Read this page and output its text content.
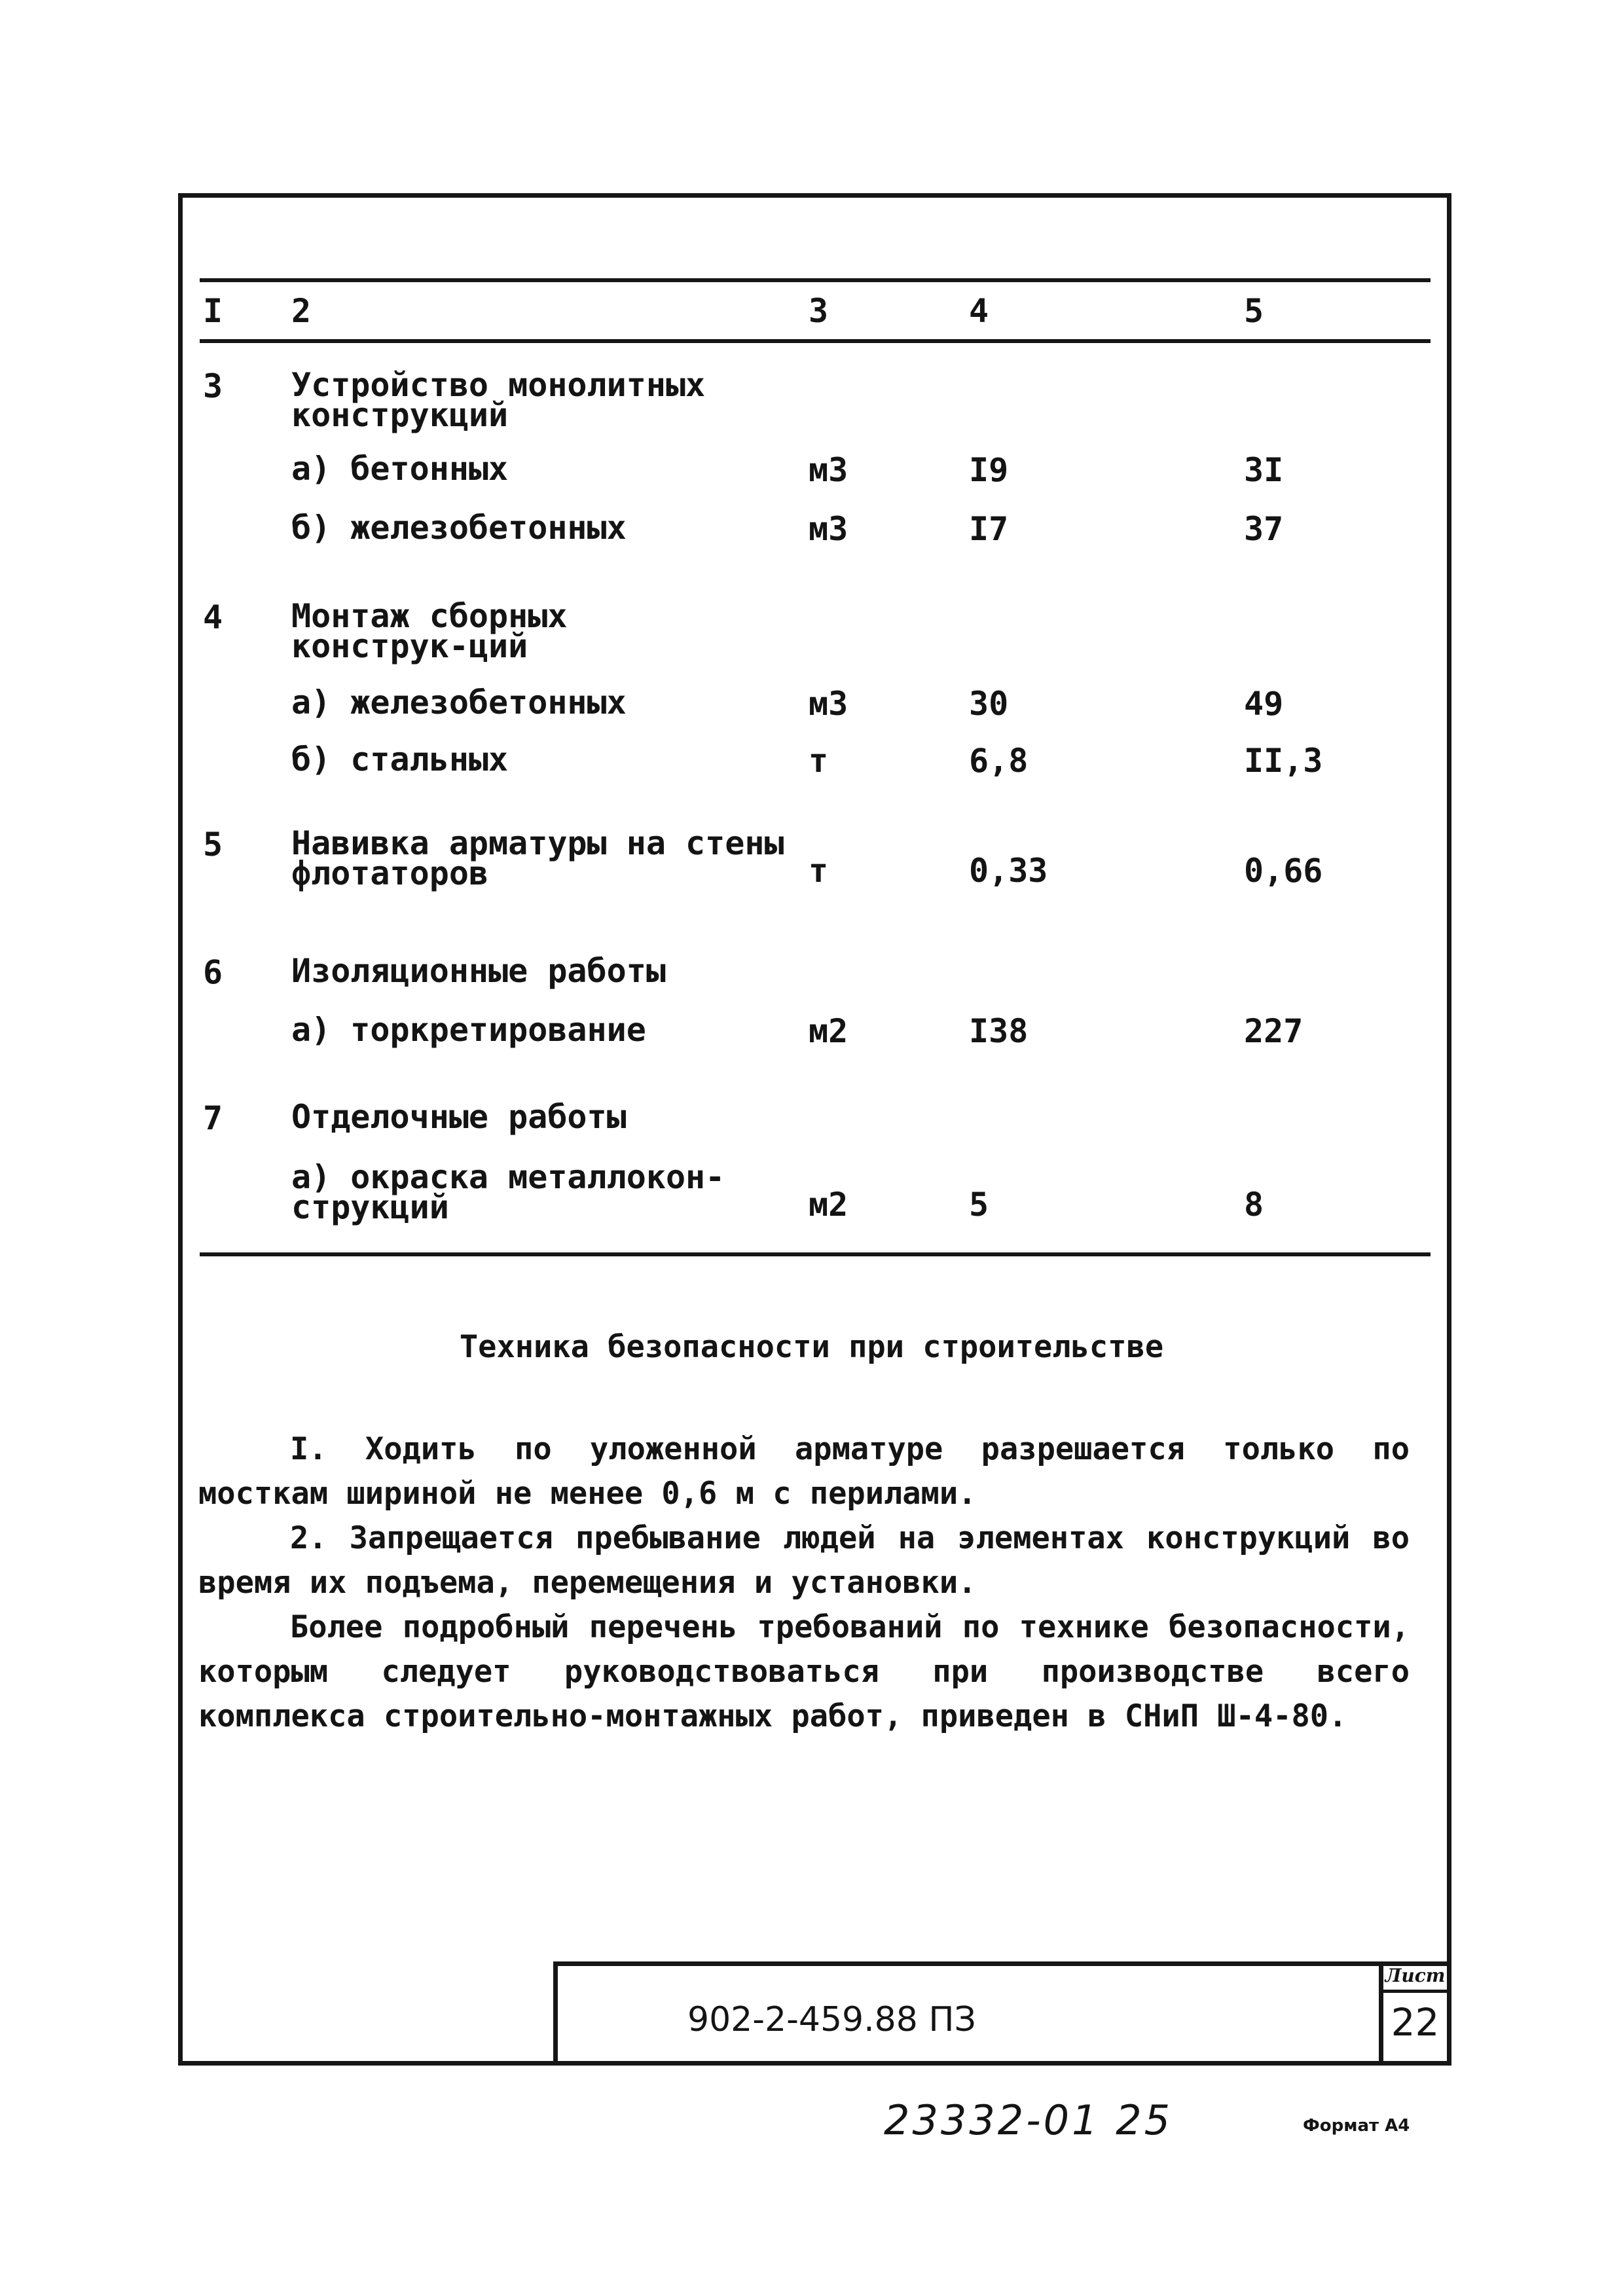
I 2	3	4	5
3 Устройство монолитных конструкций
а) бетонных	м3	I9	3I
б) железобетонных	м3	I7	37
4 Монтаж сборных конструк-ций
а) железобетонных	м3	30	49
б) стальных	т	6,8	II,3
5 Навивка арматуры на стены флотаторов	т	0,33	0,66
6 Изоляционные работы
а) торкретирование	м2	I38	227
7 Отделочные работы
а) окраска металлокон-струкций	м2	5	8
Техника безопасности при строительстве

I. Ходить по уложенной арматуре разрешается только по мосткам шириной не менее 0,6 м с перилами.

2. Запрещается пребывание людей на элементах конструкций во время их подъема, перемещения и установки.

Более подробный перечень требований по технике безопасности, которым следует руководствоваться при производстве всего комплекса строительно-монтажных работ, приведен в СНиП Ш-4-80.

902-2-459.88 ПЗ
Лист
22
23332-01 25	Формат А4
